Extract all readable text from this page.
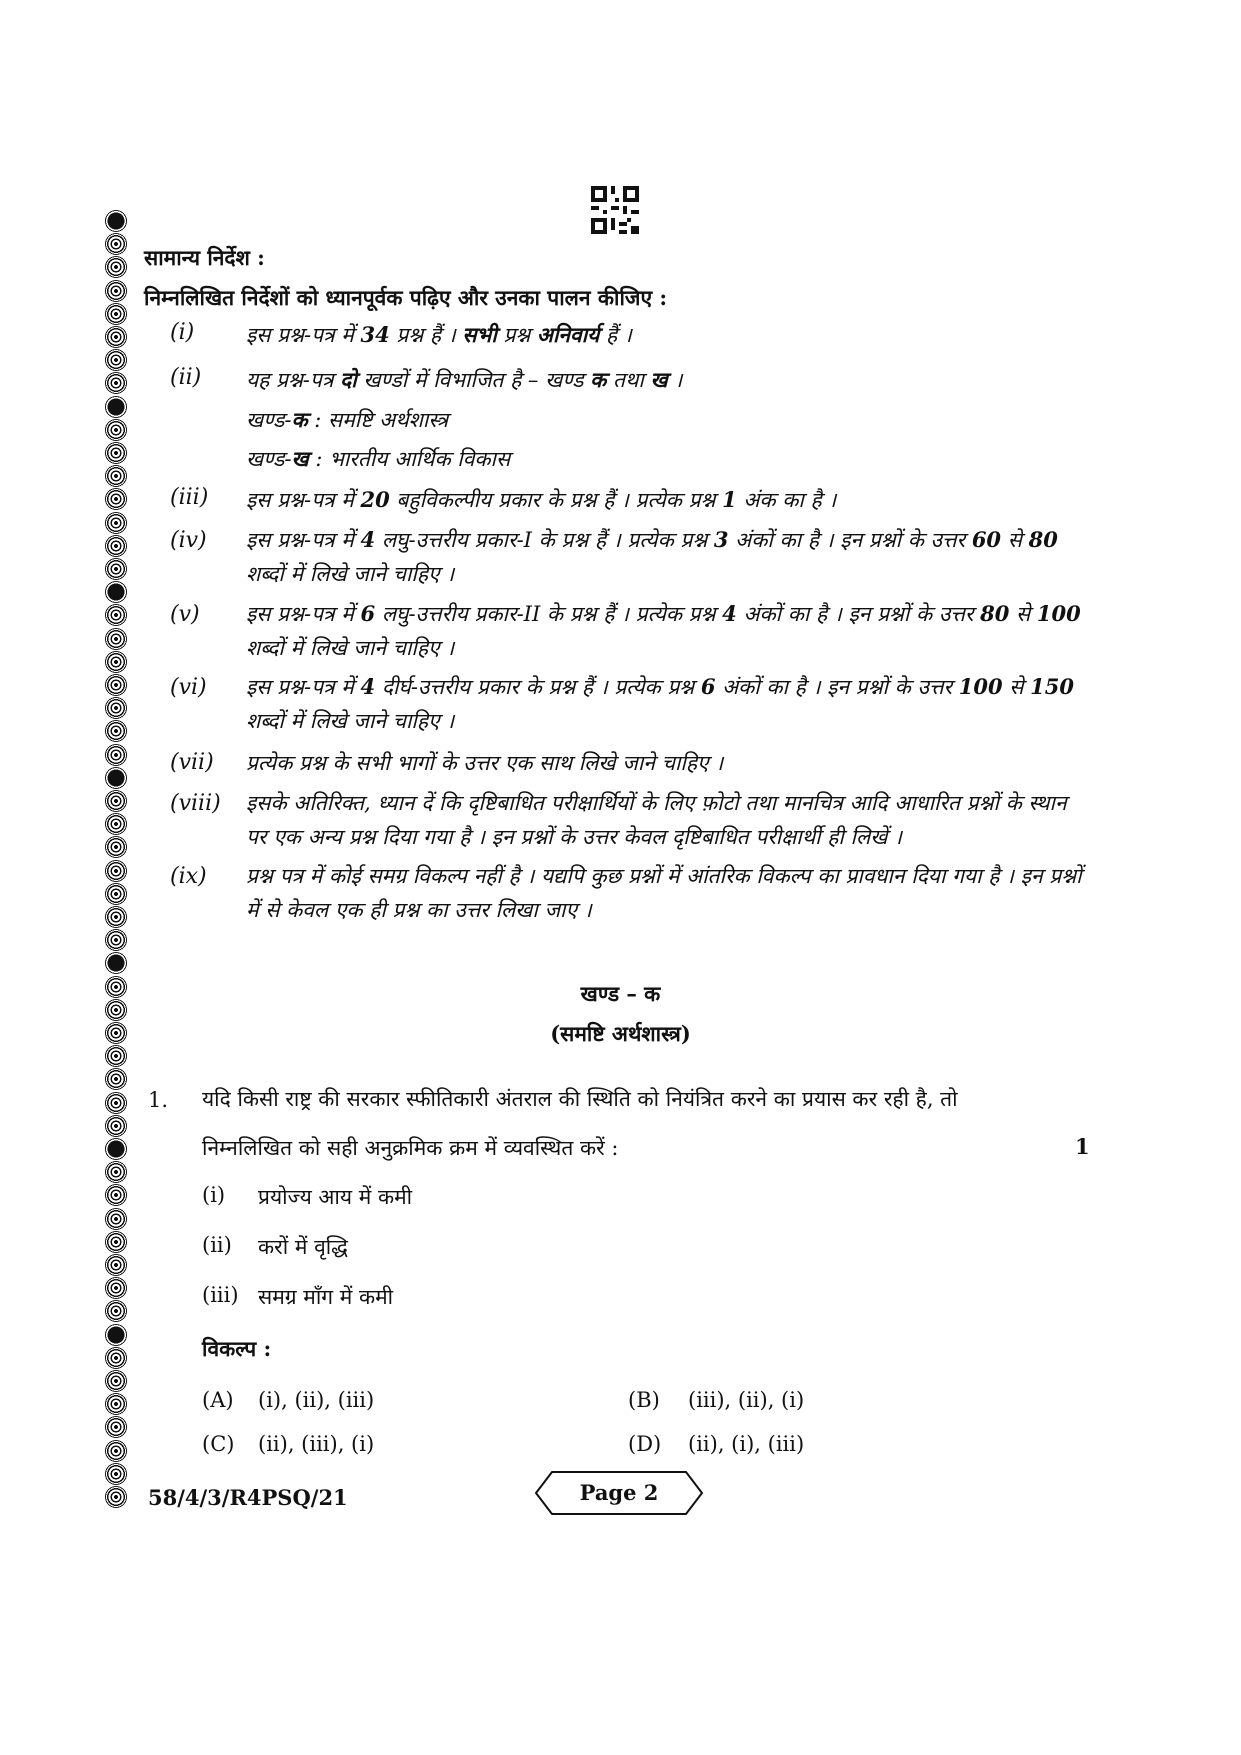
सामान्य निर्देश :
निम्नलिखित निर्देशों को ध्यानपूर्वक पढ़िए और उनका पालन कीजिए :
(i) इस प्रश्न-पत्र में 34 प्रश्न हैं । सभी प्रश्न अनिवार्य हैं ।
(ii) यह प्रश्न-पत्र दो खण्डों में विभाजित है – खण्ड क तथा ख ।
खण्ड-क : समष्टि अर्थशास्त्र
खण्ड-ख : भारतीय आर्थिक विकास
(iii) इस प्रश्न-पत्र में 20 बहुविकल्पीय प्रकार के प्रश्न हैं । प्रत्येक प्रश्न 1 अंक का है ।
(iv) इस प्रश्न-पत्र में 4 लघु-उत्तरीय प्रकार-I के प्रश्न हैं । प्रत्येक प्रश्न 3 अंकों का है । इन प्रश्नों के उत्तर 60 से 80 शब्दों में लिखे जाने चाहिए ।
(v) इस प्रश्न-पत्र में 6 लघु-उत्तरीय प्रकार-II के प्रश्न हैं । प्रत्येक प्रश्न 4 अंकों का है । इन प्रश्नों के उत्तर 80 से 100 शब्दों में लिखे जाने चाहिए ।
(vi) इस प्रश्न-पत्र में 4 दीर्घ-उत्तरीय प्रकार के प्रश्न हैं । प्रत्येक प्रश्न 6 अंकों का है । इन प्रश्नों के उत्तर 100 से 150 शब्दों में लिखे जाने चाहिए ।
(vii) प्रत्येक प्रश्न के सभी भागों के उत्तर एक साथ लिखे जाने चाहिए ।
(viii) इसके अतिरिक्त, ध्यान दें कि दृष्टिबाधित परीक्षार्थियों के लिए फ़ोटो तथा मानचित्र आदि आधारित प्रश्नों के स्थान पर एक अन्य प्रश्न दिया गया है । इन प्रश्नों के उत्तर केवल दृष्टिबाधित परीक्षार्थी ही लिखें ।
(ix) प्रश्न पत्र में कोई समग्र विकल्प नहीं है । यद्यपि कुछ प्रश्नों में आंतरिक विकल्प का प्रावधान दिया गया है । इन प्रश्नों में से केवल एक ही प्रश्न का उत्तर लिखा जाए ।
खण्ड – क
(समष्टि अर्थशास्त्र)
1. यदि किसी राष्ट्र की सरकार स्फीतिकारी अंतराल की स्थिति को नियंत्रित करने का प्रयास कर रही है, तो
निम्नलिखित को सही अनुक्रमिक क्रम में व्यवस्थित करें :	1
(i) प्रयोज्य आय में कमी
(ii) करों में वृद्धि
(iii) समग्र माँग में कमी
विकल्प :
(A) (i), (ii), (iii)	(B) (iii), (ii), (i)
(C) (ii), (iii), (i)	(D) (ii), (i), (iii)
58/4/3/R4PSQ/21	Page 2
